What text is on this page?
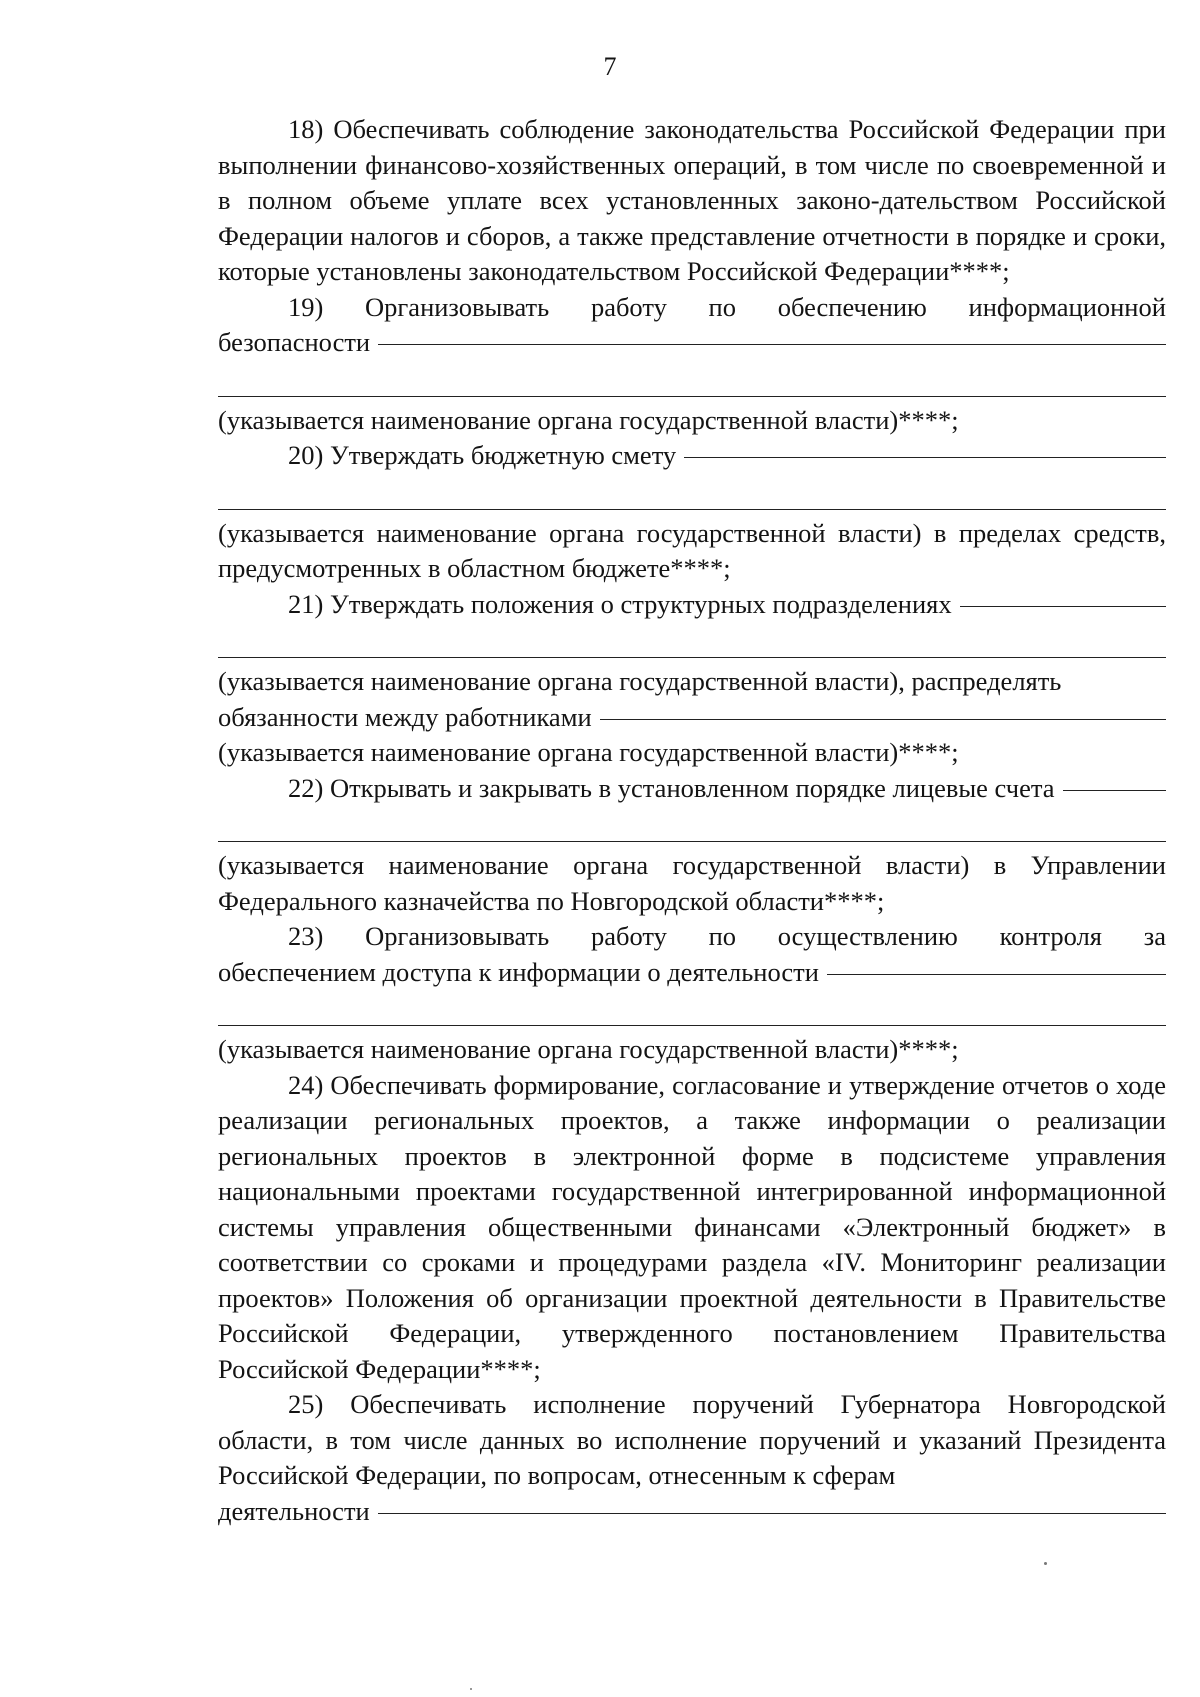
7

18) Обеспечивать соблюдение законодательства Российской Федерации при выполнении финансово-хозяйственных операций, в том числе по своевременной и в полном объеме уплате всех установленных законо-дательством Российской Федерации налогов и сборов, а также представление отчетности в порядке и сроки, которые установлены законодательством Российской Федерации****;

19) Организовывать работу по обеспечению информационной
безопасности

(указывается наименование органа государственной власти)****;

20) Утверждать бюджетную смету

(указывается наименование органа государственной власти) в пределах средств, предусмотренных в областном бюджете****;

21) Утверждать положения о структурных подразделениях

(указывается наименование органа государственной власти), распределять

обязанности между работниками

(указывается наименование органа государственной власти)****;

22) Открывать и закрывать в установленном порядке лицевые счета

(указывается наименование органа государственной власти) в Управлении Федерального казначейства по Новгородской области****;

23) Организовывать работу по осуществлению контроля за
обеспечением доступа к информации о деятельности

(указывается наименование органа государственной власти)****;

24) Обеспечивать формирование, согласование и утверждение отчетов о ходе реализации региональных проектов, а также информации о реализации региональных проектов в электронной форме в подсистеме управления национальными проектами государственной интегрированной информационной системы управления общественными финансами «Электронный бюджет» в соответствии со сроками и процедурами раздела «IV. Мониторинг реализации проектов» Положения об организации проектной деятельности в Правительстве Российской Федерации, утвержденного постановлением Правительства Российской Федерации****;

25) Обеспечивать исполнение поручений Губернатора Новгородской области, в том числе данных во исполнение поручений и указаний Президента Российской Федерации, по вопросам, отнесенным к сферам

деятельности
